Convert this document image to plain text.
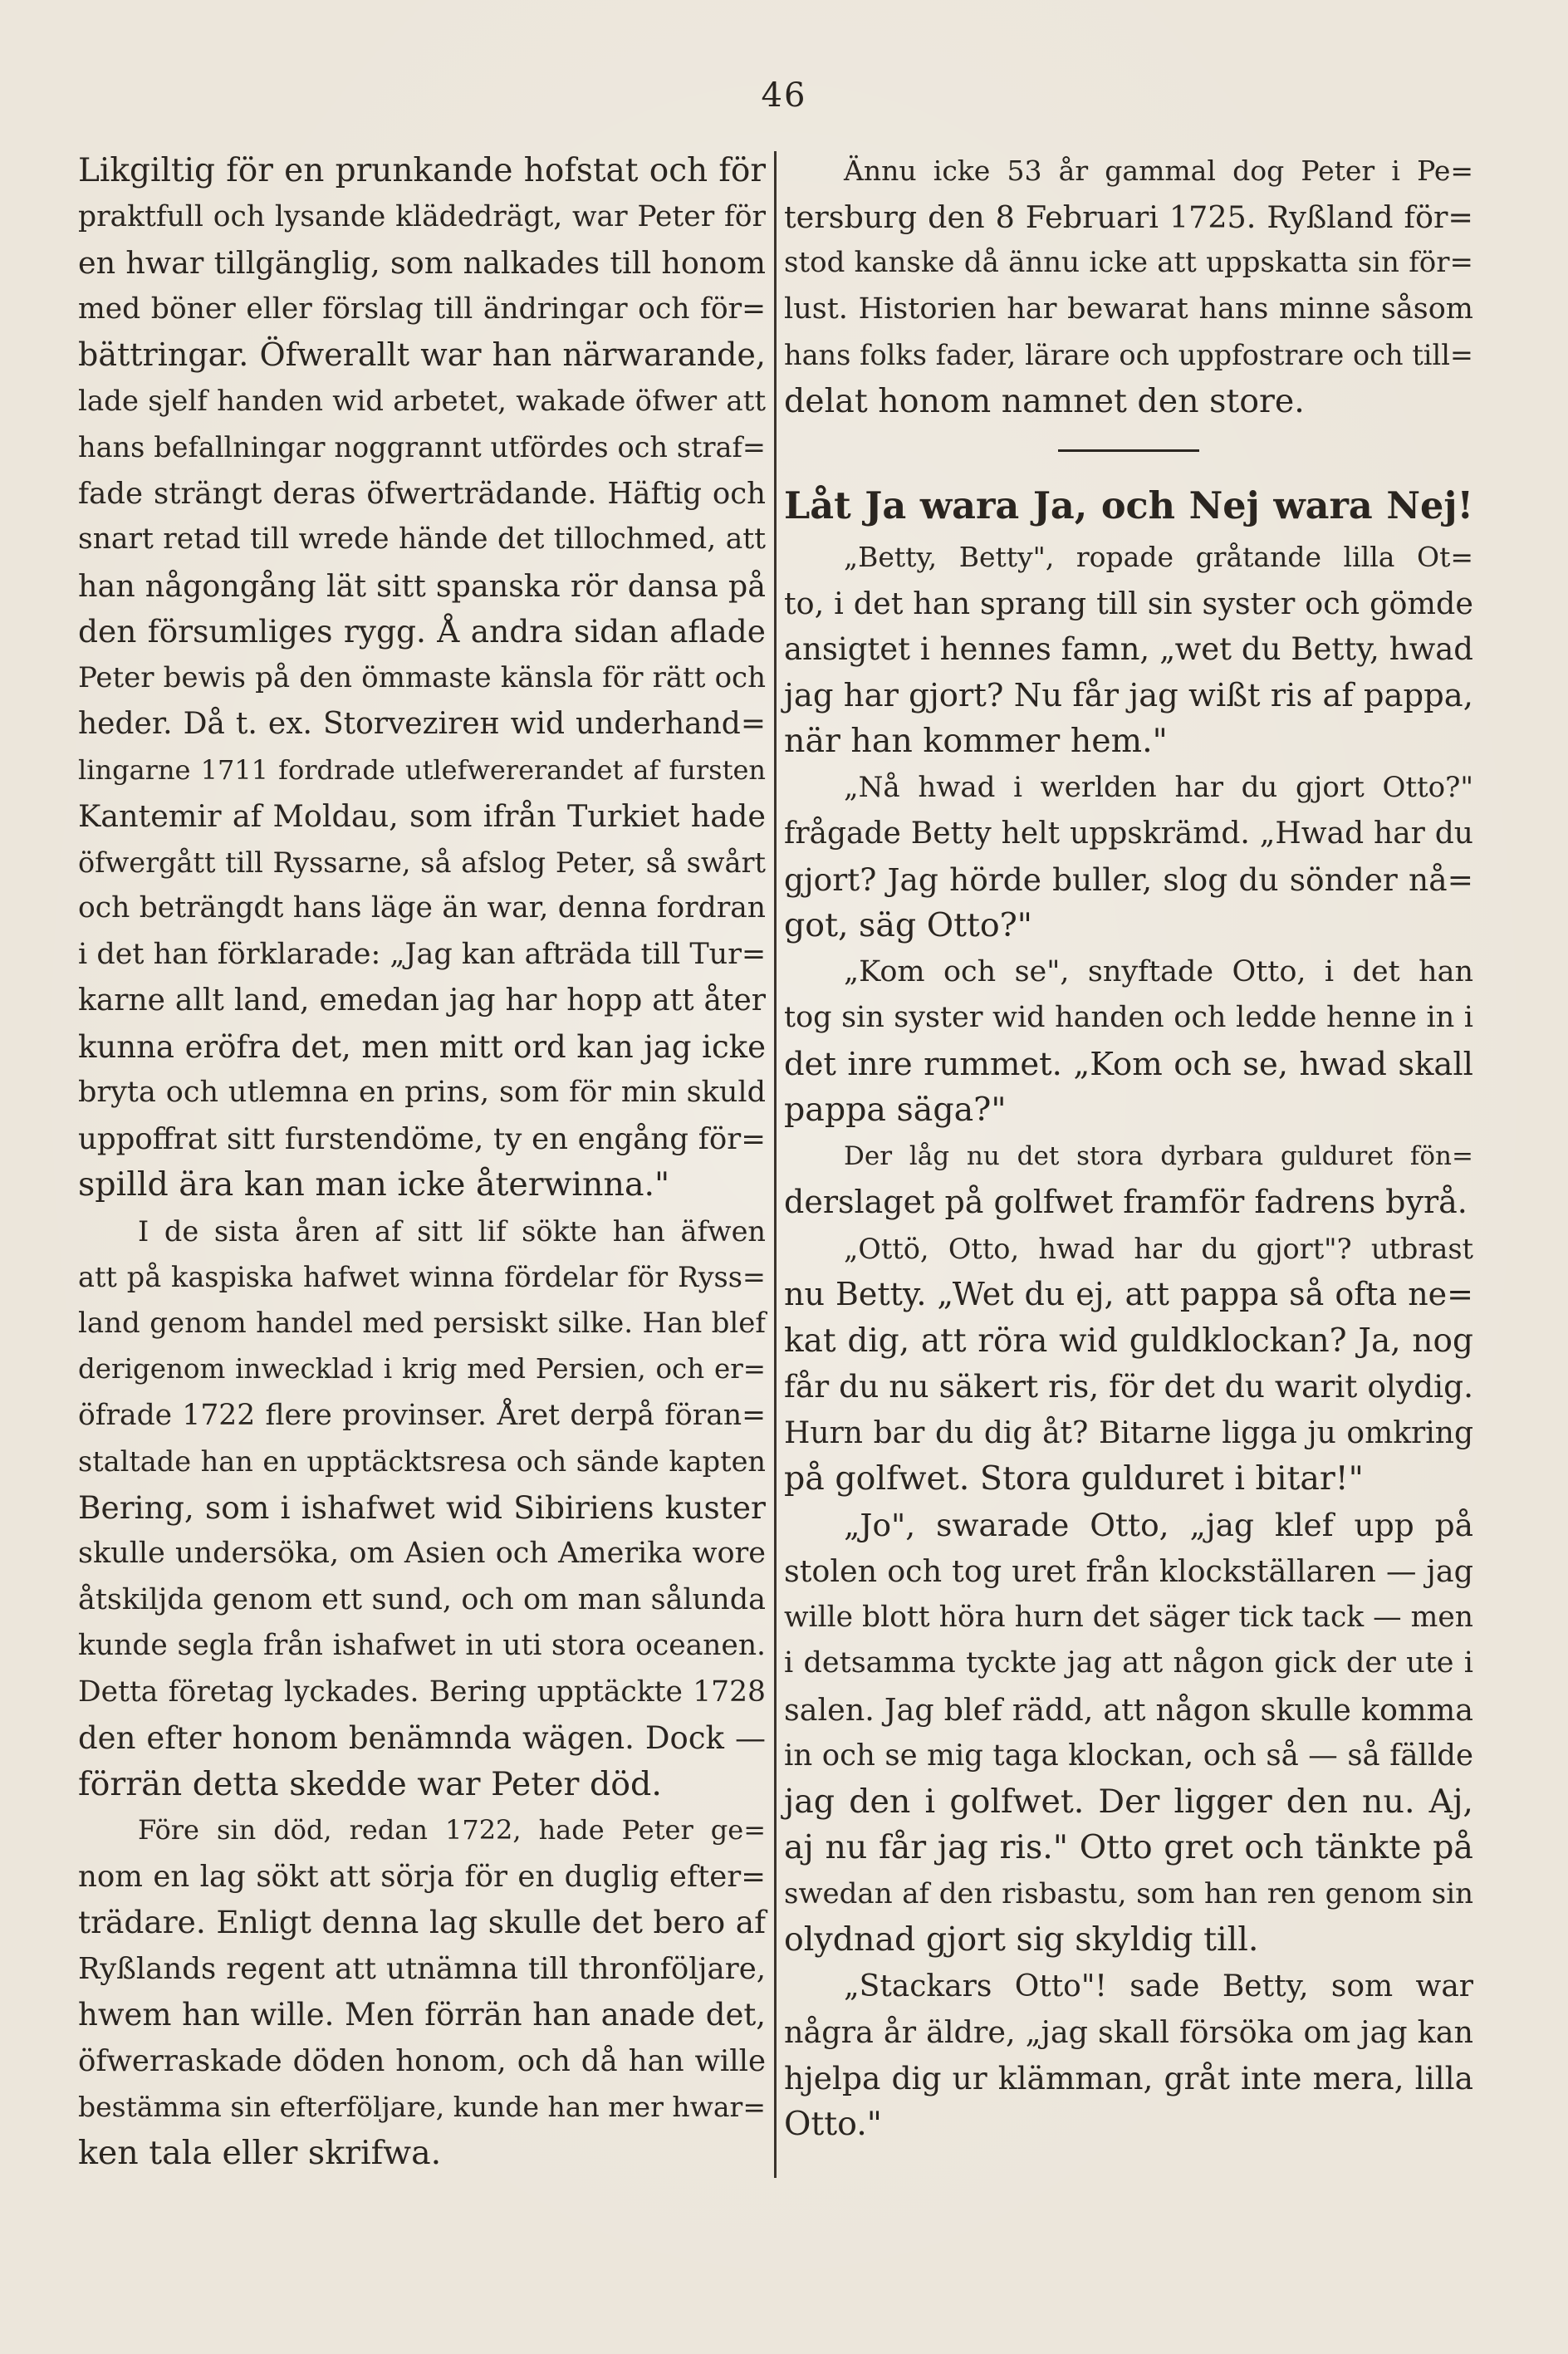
46
Likgiltig för en prunkande hofstat och för
praktfull och lysande klädedrägt, war Peter för
en hwar tillgänglig, som nalkades till honom
med böner eller förslag till ändringar och för=
bättringar. Öfwerallt war han närwarande,
lade sjelf handen wid arbetet, wakade öfwer att
hans befallningar noggrannt utfördes och straf=
fade strängt deras öfwerträdande. Häftig och
snart retad till wrede hände det tillochmed, att
han någongång lät sitt spanska rör dansa på
den försumliges rygg. Å andra sidan aflade
Peter bewis på den ömmaste känsla för rätt och
heder. Då t. ex. Storvezirен wid underhand=
lingarne 1711 fordrade utlefwererandet af fursten
Kantemir af Moldau, som ifrån Turkiet hade
öfwergått till Ryssarne, så afslog Peter, så swårt
och beträngdt hans läge än war, denna fordran
i det han förklarade: „Jag kan afträda till Tur=
karne allt land, emedan jag har hopp att åter
kunna eröfra det, men mitt ord kan jag icke
bryta och utlemna en prins, som för min skuld
uppoffrat sitt furstendöme, ty en engång för=
spilld ära kan man icke återwinna."
I de sista åren af sitt lif sökte han äfwen
att på kaspiska hafwet winna fördelar för Ryss=
land genom handel med persiskt silke. Han blef
derigenom inwecklad i krig med Persien, och er=
öfrade 1722 flere provinser. Året derpå föran=
staltade han en upptäcktsresa och sände kapten
Bering, som i ishafwet wid Sibiriens kuster
skulle undersöka, om Asien och Amerika wore
åtskiljda genom ett sund, och om man sålunda
kunde segla från ishafwet in uti stora oceanen.
Detta företag lyckades. Bering upptäckte 1728
den efter honom benämnda wägen. Dock —
förrän detta skedde war Peter död.
Före sin död, redan 1722, hade Peter ge=
nom en lag sökt att sörja för en duglig efter=
trädare. Enligt denna lag skulle det bero af
Ryßlands regent att utnämna till thronföljare,
hwem han wille. Men förrän han anade det,
öfwerraskade döden honom, och då han wille
bestämma sin efterföljare, kunde han mer hwar=
ken tala eller skrifwa.
Ännu icke 53 år gammal dog Peter i Pe=
tersburg den 8 Februari 1725. Ryßland för=
stod kanske då ännu icke att uppskatta sin för=
lust. Historien har bewarat hans minne såsom
hans folks fader, lärare och uppfostrare och till=
delat honom namnet den store.
Låt Ja wara Ja, och Nej wara Nej!
„Betty, Betty", ropade gråtande lilla Ot=
to, i det han sprang till sin syster och gömde
ansigtet i hennes famn, „wet du Betty, hwad
jag har gjort? Nu får jag wißt ris af pappa,
när han kommer hem."
„Nå hwad i werlden har du gjort Otto?"
frågade Betty helt uppskrämd. „Hwad har du
gjort? Jag hörde buller, slog du sönder nå=
got, säg Otto?"
„Kom och se", snyftade Otto, i det han
tog sin syster wid handen och ledde henne in i
det inre rummet. „Kom och se, hwad skall
pappa säga?"
Der låg nu det stora dyrbara gulduret fön=
derslaget på golfwet framför fadrens byrå.
„Ottö, Otto, hwad har du gjort"? utbrast
nu Betty. „Wet du ej, att pappa så ofta ne=
kat dig, att röra wid guldklockan? Ja, nog
får du nu säkert ris, för det du warit olydig.
Hurn bar du dig åt? Bitarne ligga ju omkring
på golfwet. Stora gulduret i bitar!"
„Jo", swarade Otto, „jag klef upp på
stolen och tog uret från klockställaren — jag
wille blott höra hurn det säger tick tack — men
i detsamma tyckte jag att någon gick der ute i
salen. Jag blef rädd, att någon skulle komma
in och se mig taga klockan, och så — så fällde
jag den i golfwet. Der ligger den nu. Aj,
aj nu får jag ris." Otto gret och tänkte på
swedan af den risbastu, som han ren genom sin
olydnad gjort sig skyldig till.
„Stackars Otto"! sade Betty, som war
några år äldre, „jag skall försöka om jag kan
hjelpa dig ur klämman, gråt inte mera, lilla
Otto."
